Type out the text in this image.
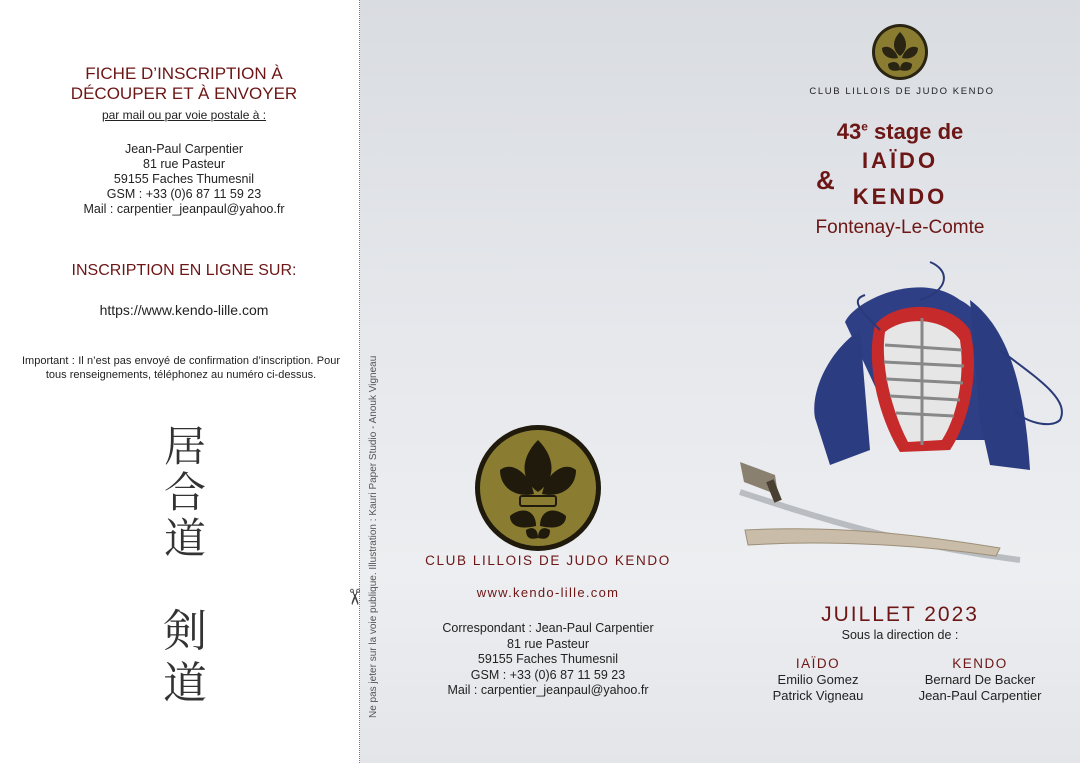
FICHE D’INSCRIPTION À
DÉCOUPER ET À ENVOYER
par mail ou par voie postale à :
Jean-Paul Carpentier
81 rue Pasteur
59155 Faches Thumesnil
GSM : +33 (0)6 87 11 59 23
Mail : carpentier_jeanpaul@yahoo.fr
INSCRIPTION EN LIGNE SUR:
https://www.kendo-lille.com
Important : Il n’est pas envoyé de confirmation d’inscription. Pour tous renseignements, téléphonez au numéro ci-dessus.
居
合
道
剣
道
CLUB LILLOIS DE JUDO KENDO
43e stage de
IAÏDO
&
KENDO
Fontenay-Le-Comte
CLUB LILLOIS DE JUDO KENDO
www.kendo-lille.com
Correspondant : Jean-Paul Carpentier
81 rue Pasteur
59155 Faches Thumesnil
GSM : +33 (0)6 87 11 59 23
Mail : carpentier_jeanpaul@yahoo.fr
JUILLET 2023
Sous la direction de :
IAÏDO
Emilio Gomez
Patrick Vigneau
KENDO
Bernard De Backer
Jean-Paul Carpentier
✂ Ne pas jeter sur la voie publique. Illustration : Kauri Paper Studio - Anouk Vigneau
